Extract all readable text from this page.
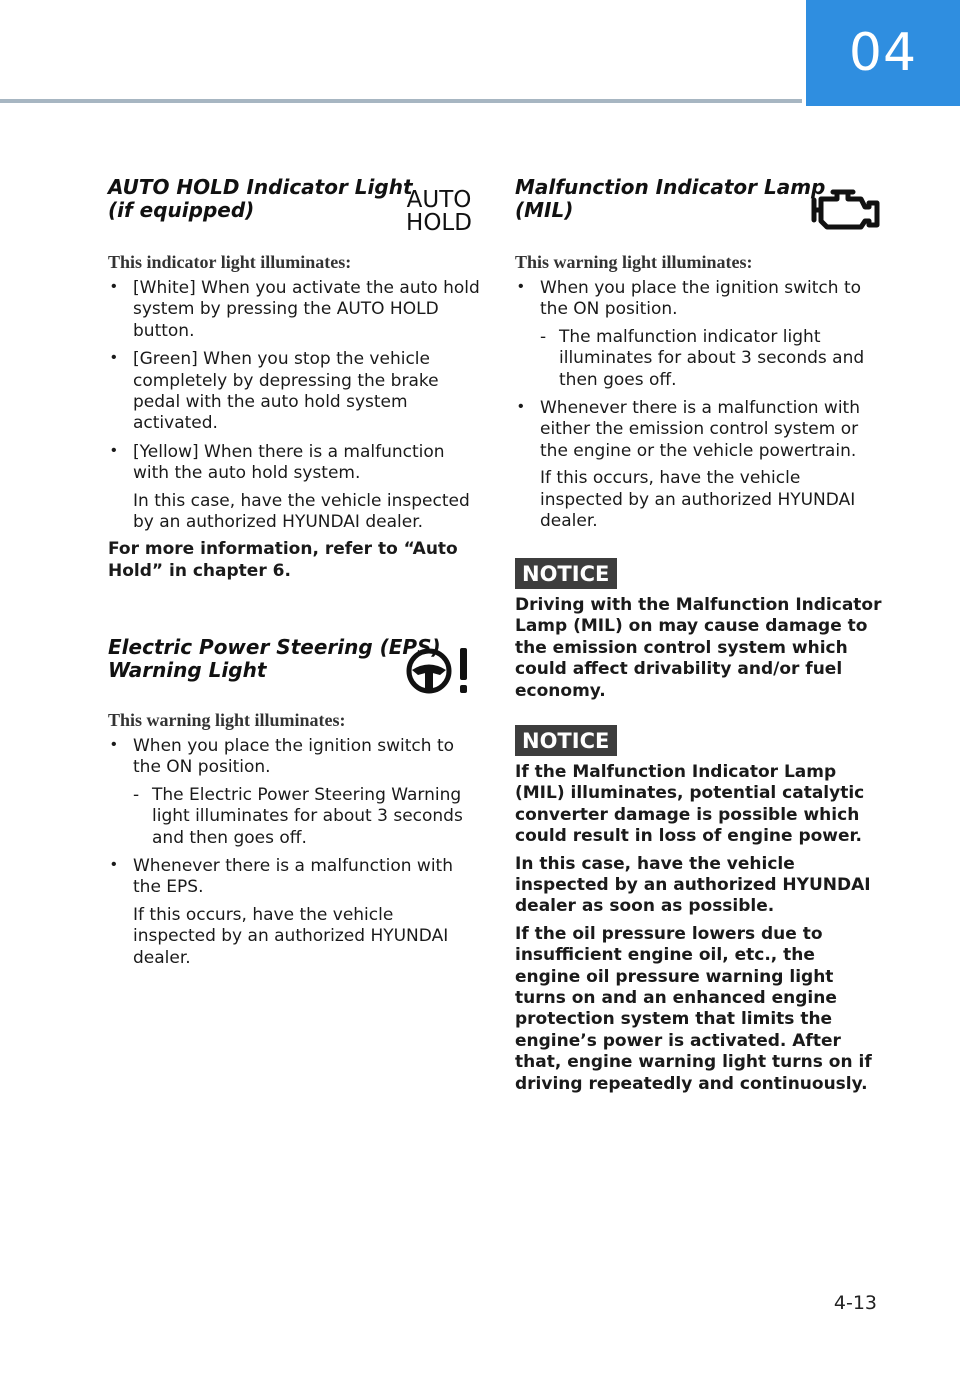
04

AUTO HOLD Indicator Light
(if equipped)	AUTO
HOLD

This indicator light illuminates:

• [White] When you activate the auto hold system by pressing the AUTO HOLD button.
• [Green] When you stop the vehicle completely by depressing the brake pedal with the auto hold system activated.
• [Yellow] When there is a malfunction with the auto hold system.
In this case, have the vehicle inspected by an authorized HYUNDAI dealer.

For more information, refer to “Auto Hold” in chapter 6.

Electric Power Steering (EPS)
Warning Light

This warning light illuminates:

• When you place the ignition switch to the ON position.
- The Electric Power Steering Warning light illuminates for about 3 seconds and then goes off.
• Whenever there is a malfunction with the EPS.
If this occurs, have the vehicle inspected by an authorized HYUNDAI dealer.

Malfunction Indicator Lamp
(MIL)

This warning light illuminates:

• When you place the ignition switch to the ON position.
- The malfunction indicator light illuminates for about 3 seconds and then goes off.
• Whenever there is a malfunction with either the emission control system or the engine or the vehicle powertrain.
If this occurs, have the vehicle inspected by an authorized HYUNDAI dealer.
NOTICE

Driving with the Malfunction Indicator Lamp (MIL) on may cause damage to the emission control system which could affect drivability and/or fuel economy.

NOTICE

If the Malfunction Indicator Lamp (MIL) illuminates, potential catalytic converter damage is possible which could result in loss of engine power.

In this case, have the vehicle inspected by an authorized HYUNDAI dealer as soon as possible.

If the oil pressure lowers due to insufficient engine oil, etc., the engine oil pressure warning light turns on and an enhanced engine protection system that limits the engine’s power is activated. After that, engine warning light turns on if driving repeatedly and continuously.

4-13
